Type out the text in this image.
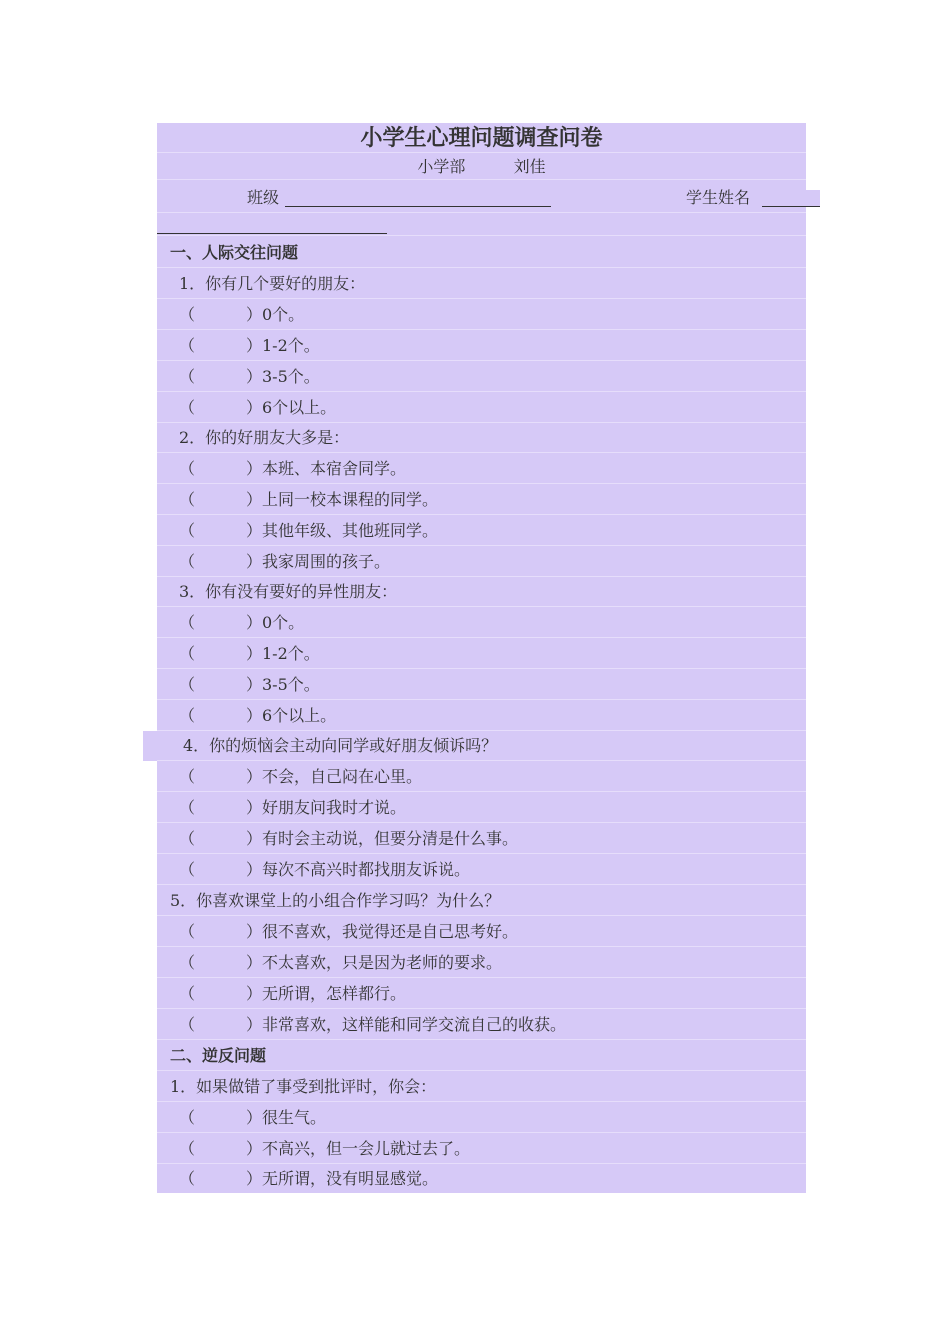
小学生心理问题调查问卷
小学部	刘佳
班级	学生姓名
一、人际交往问题
1．你有几个要好的朋友：
（	）0个。
（	）1-2个。
（	）3-5个。
（	）6个以上。
2．你的好朋友大多是：
（	）本班、本宿舍同学。
（	）上同一校本课程的同学。
（	）其他年级、其他班同学。
（	）我家周围的孩子。
3．你有没有要好的异性朋友：
（	）0个。
（	）1-2个。
（	）3-5个。
（	）6个以上。
4．你的烦恼会主动向同学或好朋友倾诉吗？
（	）不会，自己闷在心里。
（	）好朋友问我时才说。
（	）有时会主动说，但要分清是什么事。
（	）每次不高兴时都找朋友诉说。
5．你喜欢课堂上的小组合作学习吗？为什么？
（	）很不喜欢，我觉得还是自己思考好。
（	）不太喜欢，只是因为老师的要求。
（	）无所谓，怎样都行。
（	）非常喜欢，这样能和同学交流自己的收获。
二、逆反问题
1．如果做错了事受到批评时，你会：
（	）很生气。
（	）不高兴，但一会儿就过去了。
（	）无所谓，没有明显感觉。
